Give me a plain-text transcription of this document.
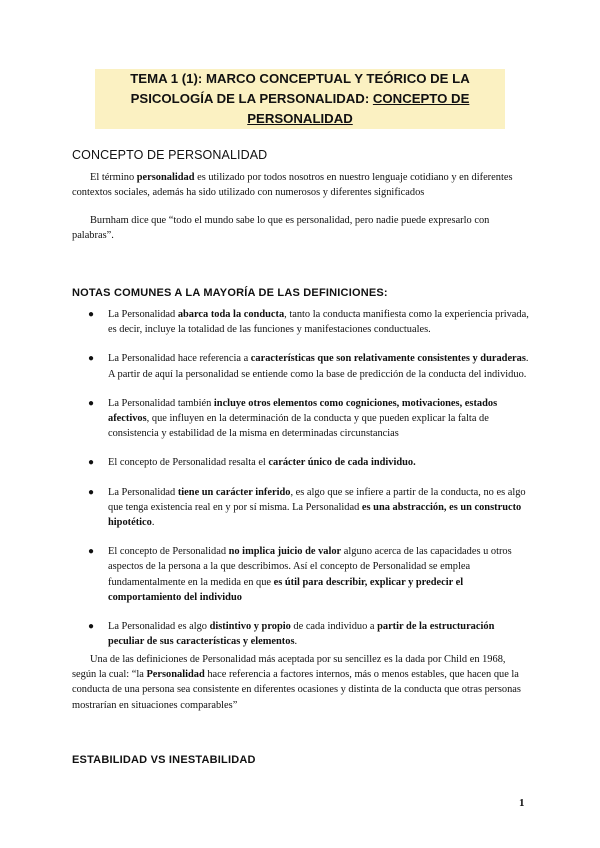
TEMA 1 (1): MARCO CONCEPTUAL Y TEÓRICO DE LA
PSICOLOGÍA DE LA PERSONALIDAD: CONCEPTO DE
PERSONALIDAD
CONCEPTO DE PERSONALIDAD

El término personalidad es utilizado por todos nosotros en nuestro lenguaje cotidiano y en diferentes contextos sociales, además ha sido utilizado con numerosos y diferentes significados

Burnham dice que “todo el mundo sabe lo que es personalidad, pero nadie puede expresarlo con palabras”.

NOTAS COMUNES A LA MAYORÍA DE LAS DEFINICIONES:
● La Personalidad abarca toda la conducta, tanto la conducta manifiesta como la experiencia privada, es decir, incluye la totalidad de las funciones y manifestaciones conductuales.
● La Personalidad hace referencia a características que son relativamente consistentes y duraderas. A partir de aquí la personalidad se entiende como la base de predicción de la conducta del individuo.
● La Personalidad también incluye otros elementos como cogniciones, motivaciones, estados afectivos, que influyen en la determinación de la conducta y que pueden explicar la falta de consistencia y estabilidad de la misma en determinadas circunstancias
● El concepto de Personalidad resalta el carácter único de cada individuo.
● La Personalidad tiene un carácter inferido, es algo que se infiere a partir de la conducta, no es algo que tenga existencia real en y por sí misma. La Personalidad es una abstracción, es un constructo hipotético.
● El concepto de Personalidad no implica juicio de valor alguno acerca de las capacidades u otros aspectos de la persona a la que describimos. Así el concepto de Personalidad se emplea fundamentalmente en la medida en que es útil para describir, explicar y predecir el comportamiento del individuo
● La Personalidad es algo distintivo y propio de cada individuo a partir de la estructuración peculiar de sus características y elementos.

Una de las definiciones de Personalidad más aceptada por su sencillez es la dada por Child en 1968, según la cual: “la Personalidad hace referencia a factores internos, más o menos estables, que hacen que la conducta de una persona sea consistente en diferentes ocasiones y distinta de la conducta que otras personas mostrarían en situaciones comparables”

ESTABILIDAD VS INESTABILIDAD
1
